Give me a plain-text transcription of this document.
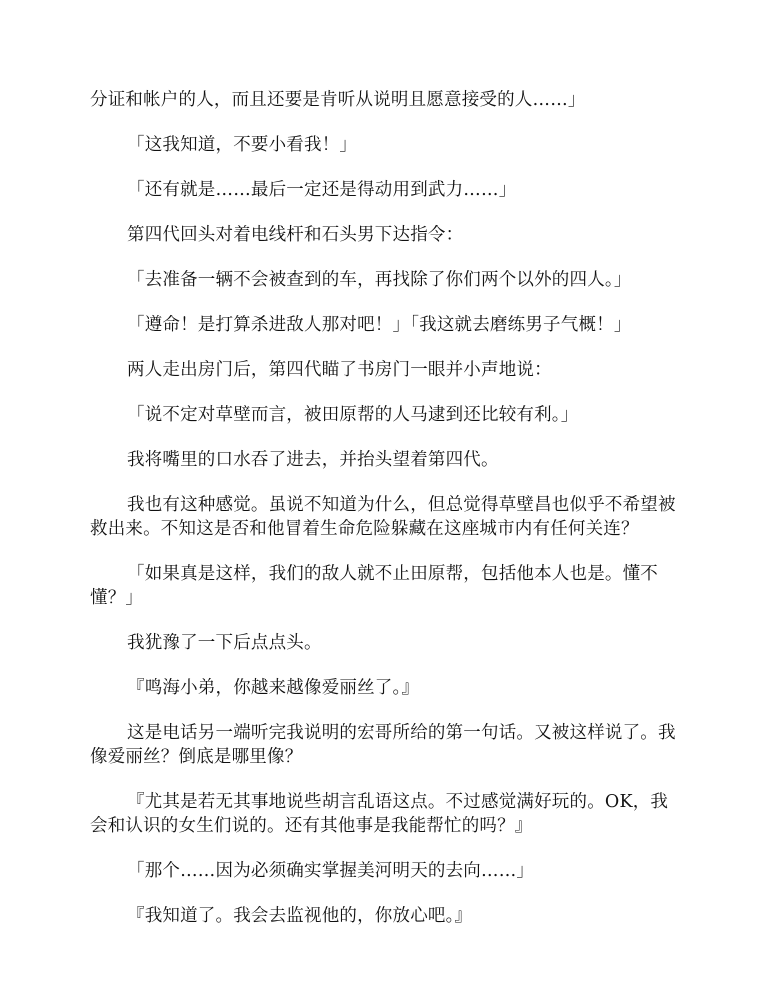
分证和帐户的人，而且还要是肯听从说明且愿意接受的人……」

「这我知道，不要小看我！」

「还有就是……最后一定还是得动用到武力……」

第四代回头对着电线杆和石头男下达指令：

「去准备一辆不会被查到的车，再找除了你们两个以外的四人。」

「遵命！是打算杀进敌人那对吧！」「我这就去磨练男子气概！」

两人走出房门后，第四代瞄了书房门一眼并小声地说：

「说不定对草壁而言，被田原帮的人马逮到还比较有利。」

我将嘴里的口水吞了进去，并抬头望着第四代。

我也有这种感觉。虽说不知道为什么，但总觉得草壁昌也似乎不希望被救出来。不知这是否和他冒着生命危险躲藏在这座城市内有任何关连？

「如果真是这样，我们的敌人就不止田原帮，包括他本人也是。懂不懂？」

我犹豫了一下后点点头。

『鸣海小弟，你越来越像爱丽丝了。』

这是电话另一端听完我说明的宏哥所给的第一句话。又被这样说了。我像爱丽丝？倒底是哪里像？

『尤其是若无其事地说些胡言乱语这点。不过感觉满好玩的。OK，我会和认识的女生们说的。还有其他事是我能帮忙的吗？』

「那个……因为必须确实掌握美河明天的去向……」

『我知道了。我会去监视他的，你放心吧。』
